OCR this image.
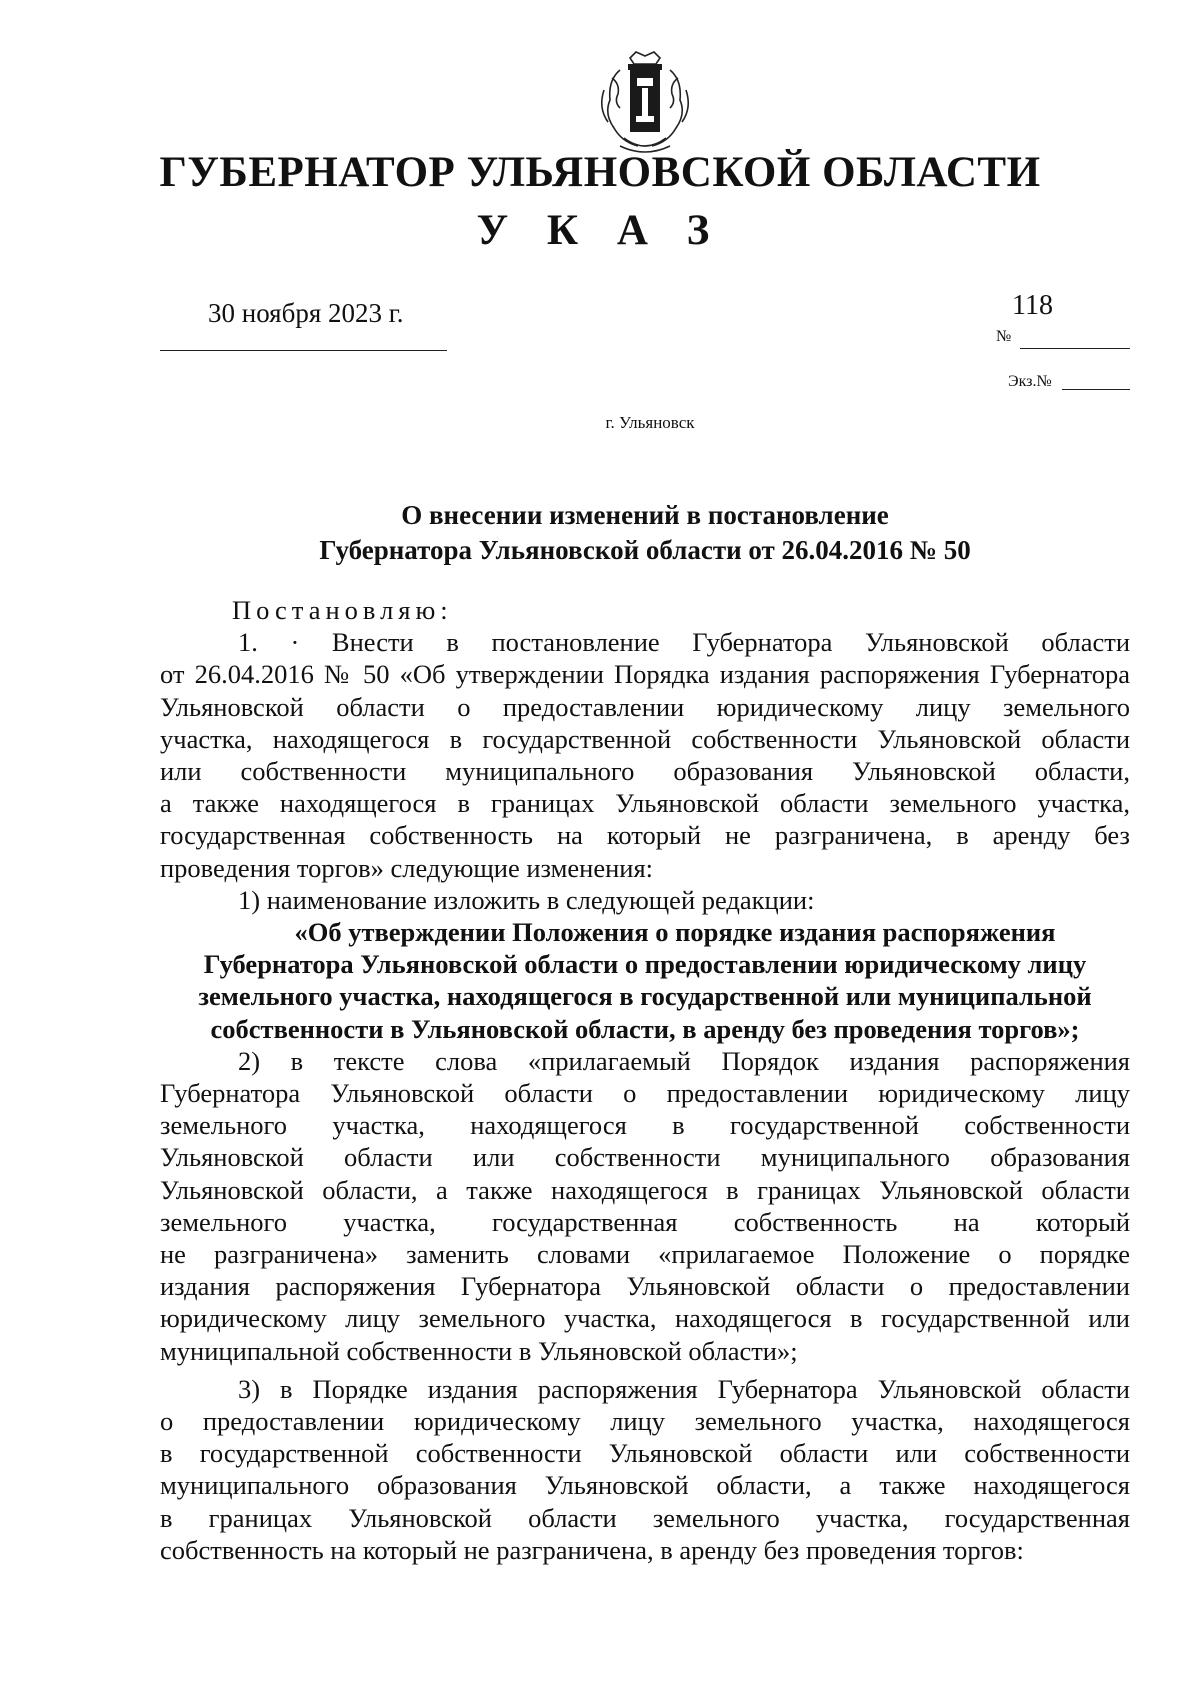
ГУБЕРНАТОР УЛЬЯНОВСКОЙ ОБЛАСТИ
У К А З
30 ноября 2023 г.	118
№
Экз.№
г. Ульяновск
О внесении изменений в постановление
Губернатора Ульяновской области от 26.04.2016 № 50
Постановляю:
1. · Внести в постановление Губернатора Ульяновской области
от 26.04.2016 № 50 «Об утверждении Порядка издания распоряжения Губернатора
Ульяновской области о предоставлении юридическому лицу земельного
участка, находящегося в государственной собственности Ульяновской области
или собственности муниципального образования Ульяновской области,
а также находящегося в границах Ульяновской области земельного участка,
государственная собственность на который не разграничена, в аренду без
проведения торгов» следующие изменения:
1) наименование изложить в следующей редакции:
«Об утверждении Положения о порядке издания распоряжения
Губернатора Ульяновской области о предоставлении юридическому лицу
земельного участка, находящегося в государственной или муниципальной
собственности в Ульяновской области, в аренду без проведения торгов»;
2) в тексте слова «прилагаемый Порядок издания распоряжения
Губернатора Ульяновской области о предоставлении юридическому лицу
земельного участка, находящегося в государственной собственности
Ульяновской области или собственности муниципального образования
Ульяновской области, а также находящегося в границах Ульяновской области
земельного участка, государственная собственность на который
не разграничена» заменить словами «прилагаемое Положение о порядке
издания распоряжения Губернатора Ульяновской области о предоставлении
юридическому лицу земельного участка, находящегося в государственной или
муниципальной собственности в Ульяновской области»;
3) в Порядке издания распоряжения Губернатора Ульяновской области
о предоставлении юридическому лицу земельного участка, находящегося
в государственной собственности Ульяновской области или собственности
муниципального образования Ульяновской области, а также находящегося
в границах Ульяновской области земельного участка, государственная
собственность на который не разграничена, в аренду без проведения торгов:
